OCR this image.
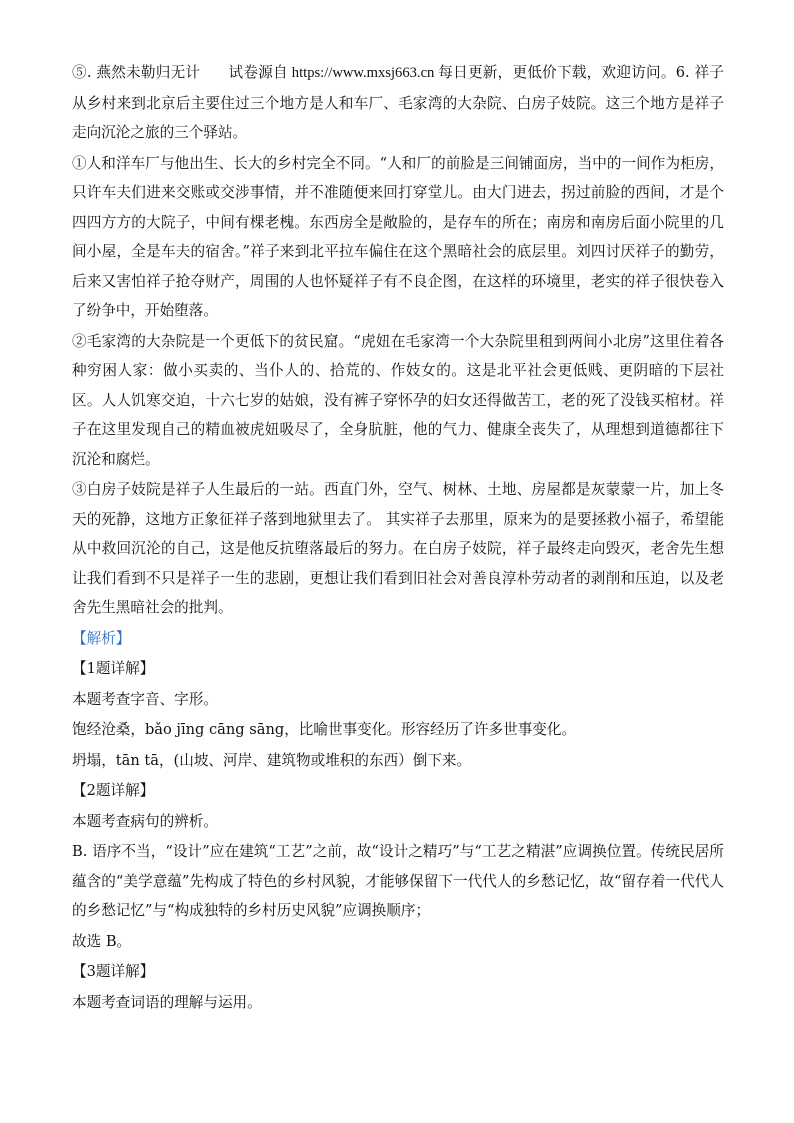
⑤. 燕然未勒归无计 试卷源自 https://www.mxsj663.cn 每日更新，更低价下载，欢迎访问。6. 祥子从乡村来到北京后主要住过三个地方是人和车厂、毛家湾的大杂院、白房子妓院。这三个地方是祥子走向沉沦之旅的三个驿站。

①人和洋车厂与他出生、长大的乡村完全不同。“人和厂的前脸是三间铺面房，当中的一间作为柜房，只许车夫们进来交账或交涉事情，并不准随便来回打穿堂儿。由大门进去，拐过前脸的西间，才是个四四方方的大院子，中间有棵老槐。东西房全是敞脸的，是存车的所在；南房和南房后面小院里的几间小屋，全是车夫的宿舍。”祥子来到北平拉车偏住在这个黑暗社会的底层里。刘四讨厌祥子的勤劳，后来又害怕祥子抢夺财产，周围的人也怀疑祥子有不良企图，在这样的环境里，老实的祥子很快卷入了纷争中，开始堕落。

②毛家湾的大杂院是一个更低下的贫民窟。“虎妞在毛家湾一个大杂院里租到两间小北房”这里住着各种穷困人家：做小买卖的、当仆人的、拾荒的、作妓女的。这是北平社会更低贱、更阴暗的下层社区。人人饥寒交迫，十六七岁的姑娘，没有裤子穿怀孕的妇女还得做苦工，老的死了没钱买棺材。祥子在这里发现自己的精血被虎妞吸尽了，全身肮脏，他的气力、健康全丧失了，从理想到道德都往下沉沦和腐烂。

③白房子妓院是祥子人生最后的一站。西直门外，空气、树林、土地、房屋都是灰蒙蒙一片，加上冬天的死静，这地方正象征祥子落到地狱里去了。 其实祥子去那里，原来为的是要拯救小福子，希望能从中救回沉沦的自己，这是他反抗堕落最后的努力。在白房子妓院，祥子最终走向毁灭，老舍先生想让我们看到不只是祥子一生的悲剧，更想让我们看到旧社会对善良淳朴劳动者的剥削和压迫，以及老舍先生黑暗社会的批判。

【解析】

【1题详解】

本题考查字音、字形。

饱经沧桑，bǎo jīng cāng sāng，比喻世事变化。形容经历了许多世事变化。

坍塌，tān tā，(山坡、河岸、建筑物或堆积的东西）倒下来。

【2题详解】

本题考查病句的辨析。

B. 语序不当，“设计”应在建筑“工艺”之前，故“设计之精巧”与“工艺之精湛”应调换位置。传统民居所蕴含的“美学意蕴”先构成了特色的乡村风貌，才能够保留下一代代人的乡愁记忆，故“留存着一代代人的乡愁记忆”与“构成独特的乡村历史风貌”应调换顺序；

故选 B。

【3题详解】

本题考查词语的理解与运用。
